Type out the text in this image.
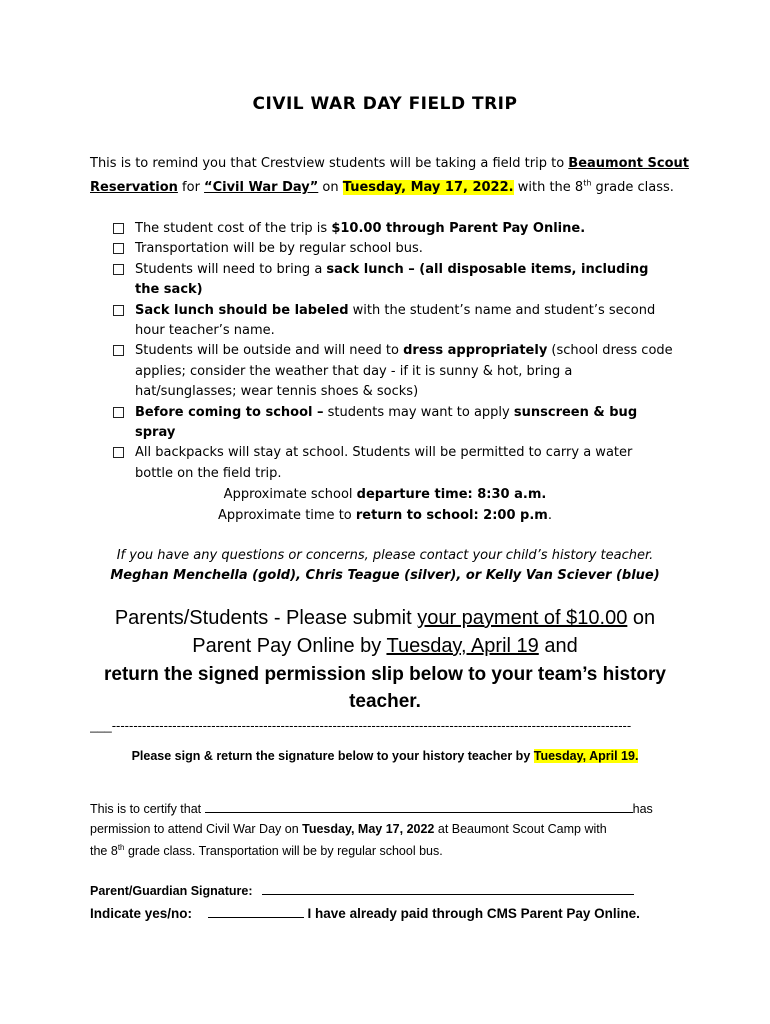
CIVIL WAR DAY FIELD TRIP
This is to remind you that Crestview students will be taking a field trip to Beaumont Scout Reservation for “Civil War Day” on Tuesday, May 17, 2022. with the 8th grade class.
The student cost of the trip is $10.00 through Parent Pay Online.
Transportation will be by regular school bus.
Students will need to bring a sack lunch – (all disposable items, including the sack)
Sack lunch should be labeled with the student’s name and student’s second hour teacher’s name.
Students will be outside and will need to dress appropriately (school dress code applies; consider the weather that day - if it is sunny & hot, bring a hat/sunglasses; wear tennis shoes & socks)
Before coming to school – students may want to apply sunscreen & bug spray
All backpacks will stay at school. Students will be permitted to carry a water bottle on the field trip.
Approximate school departure time: 8:30 a.m.
Approximate time to return to school: 2:00 p.m.
If you have any questions or concerns, please contact your child’s history teacher.
Meghan Menchella (gold), Chris Teague (silver), or Kelly Van Sciever (blue)
Parents/Students - Please submit your payment of $10.00 on
Parent Pay Online by Tuesday, April 19 and
return the signed permission slip below to your team’s history
teacher.
___------------------------------------------------------------------------------------------------------------------------
Please sign & return the signature below to your history teacher by Tuesday, April 19.
This is to certify that	has
permission to attend Civil War Day on Tuesday, May 17, 2022 at Beaumont Scout Camp with
the 8th grade class. Transportation will be by regular school bus.
Parent/Guardian Signature:
Indicate yes/no:	I have already paid through CMS Parent Pay Online.
